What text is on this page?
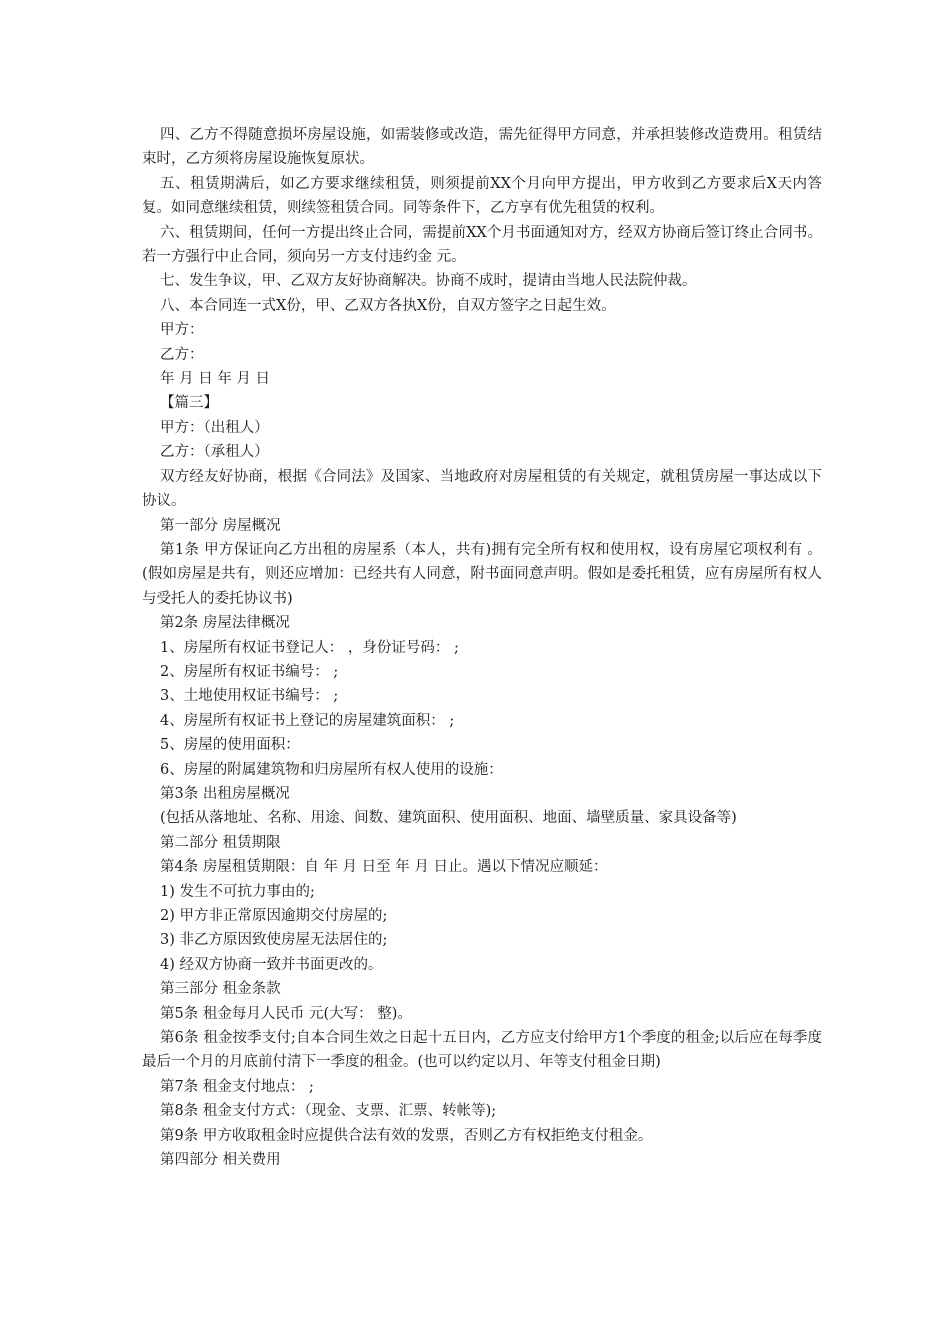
四、乙方不得随意损坏房屋设施，如需装修或改造，需先征得甲方同意，并承担装修改造费用。租赁结束时，乙方须将房屋设施恢复原状。

五、租赁期满后，如乙方要求继续租赁，则须提前XX个月向甲方提出，甲方收到乙方要求后X天内答复。如同意继续租赁，则续签租赁合同。同等条件下，乙方享有优先租赁的权利。

六、租赁期间，任何一方提出终止合同，需提前XX个月书面通知对方，经双方协商后签订终止合同书。若一方强行中止合同，须向另一方支付违约金 元。

七、发生争议，甲、乙双方友好协商解决。协商不成时，提请由当地人民法院仲裁。

八、本合同连一式X份，甲、乙双方各执X份，自双方签字之日起生效。

甲方：

乙方：

年 月 日 年 月 日

【篇三】

甲方：（出租人）

乙方：（承租人）

双方经友好协商，根据《合同法》及国家、当地政府对房屋租赁的有关规定，就租赁房屋一事达成以下协议。

第一部分 房屋概况

第1条 甲方保证向乙方出租的房屋系（本人，共有)拥有完全所有权和使用权，设有房屋它项权利有 。(假如房屋是共有，则还应增加：已经共有人同意，附书面同意声明。假如是委托租赁，应有房屋所有权人与受托人的委托协议书)

第2条 房屋法律概况

1、房屋所有权证书登记人： ，身份证号码： ;

2、房屋所有权证书编号： ;

3、土地使用权证书编号： ;

4、房屋所有权证书上登记的房屋建筑面积： ;

5、房屋的使用面积：

6、房屋的附属建筑物和归房屋所有权人使用的设施：

第3条 出租房屋概况

(包括从落地址、名称、用途、间数、建筑面积、使用面积、地面、墙壁质量、家具设备等)

第二部分 租赁期限

第4条 房屋租赁期限：自 年 月 日至 年 月 日止。遇以下情况应顺延：

1) 发生不可抗力事由的;

2) 甲方非正常原因逾期交付房屋的;

3) 非乙方原因致使房屋无法居住的;

4) 经双方协商一致并书面更改的。

第三部分 租金条款

第5条 租金每月人民币 元(大写： 整)。

第6条 租金按季支付;自本合同生效之日起十五日内，乙方应支付给甲方1个季度的租金;以后应在每季度最后一个月的月底前付清下一季度的租金。(也可以约定以月、年等支付租金日期)

第7条 租金支付地点： ;

第8条 租金支付方式：（现金、支票、汇票、转帐等);

第9条 甲方收取租金时应提供合法有效的发票，否则乙方有权拒绝支付租金。

第四部分 相关费用
